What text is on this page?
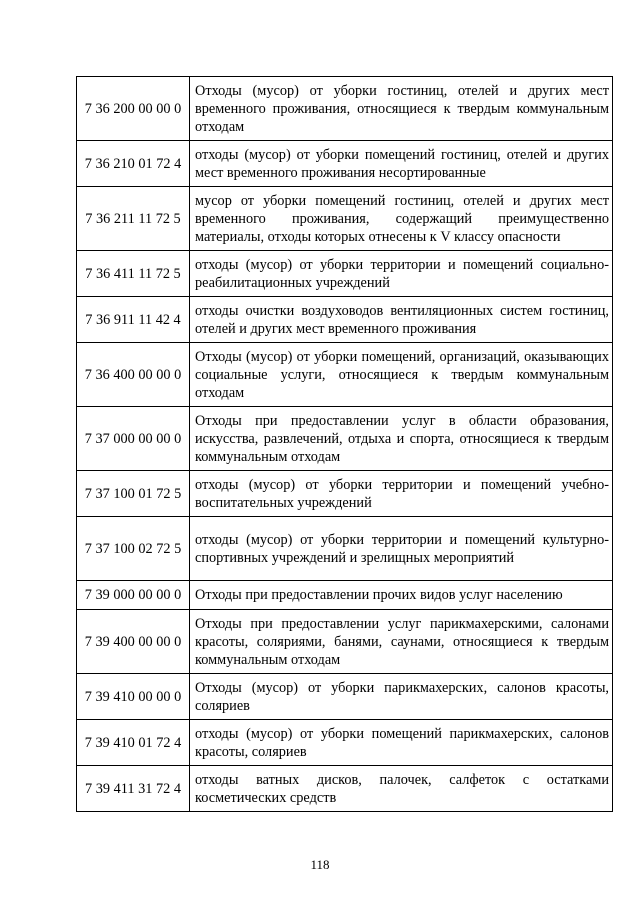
7 36 200 00 00 0	Отходы (мусор) от уборки гостиниц, отелей и других мест временного проживания, относящиеся к твердым коммунальным отходам
7 36 210 01 72 4	отходы (мусор) от уборки помещений гостиниц, отелей и других мест временного проживания несортированные
7 36 211 11 72 5	мусор от уборки помещений гостиниц, отелей и других мест временного проживания, содержащий преимущественно материалы, отходы которых отнесены к V классу опасности
7 36 411 11 72 5	отходы (мусор) от уборки территории и помещений социально-реабилитационных учреждений
7 36 911 11 42 4	отходы очистки воздуховодов вентиляционных систем гостиниц, отелей и других мест временного проживания
7 36 400 00 00 0	Отходы (мусор) от уборки помещений, организаций, оказывающих социальные услуги, относящиеся к твердым коммунальным отходам
7 37 000 00 00 0	Отходы при предоставлении услуг в области образования, искусства, развлечений, отдыха и спорта, относящиеся к твердым коммунальным отходам
7 37 100 01 72 5	отходы (мусор) от уборки территории и помещений учебно-воспитательных учреждений
7 37 100 02 72 5	отходы (мусор) от уборки территории и помещений культурно-спортивных учреждений и зрелищных мероприятий
7 39 000 00 00 0	Отходы при предоставлении прочих видов услуг населению
7 39 400 00 00 0	Отходы при предоставлении услуг парикмахерскими, салонами красоты, соляриями, банями, саунами, относящиеся к твердым коммунальным отходам
7 39 410 00 00 0	Отходы (мусор) от уборки парикмахерских, салонов красоты, соляриев
7 39 410 01 72 4	отходы (мусор) от уборки помещений парикмахерских, салонов красоты, соляриев
7 39 411 31 72 4	отходы ватных дисков, палочек, салфеток с остатками косметических средств
118
